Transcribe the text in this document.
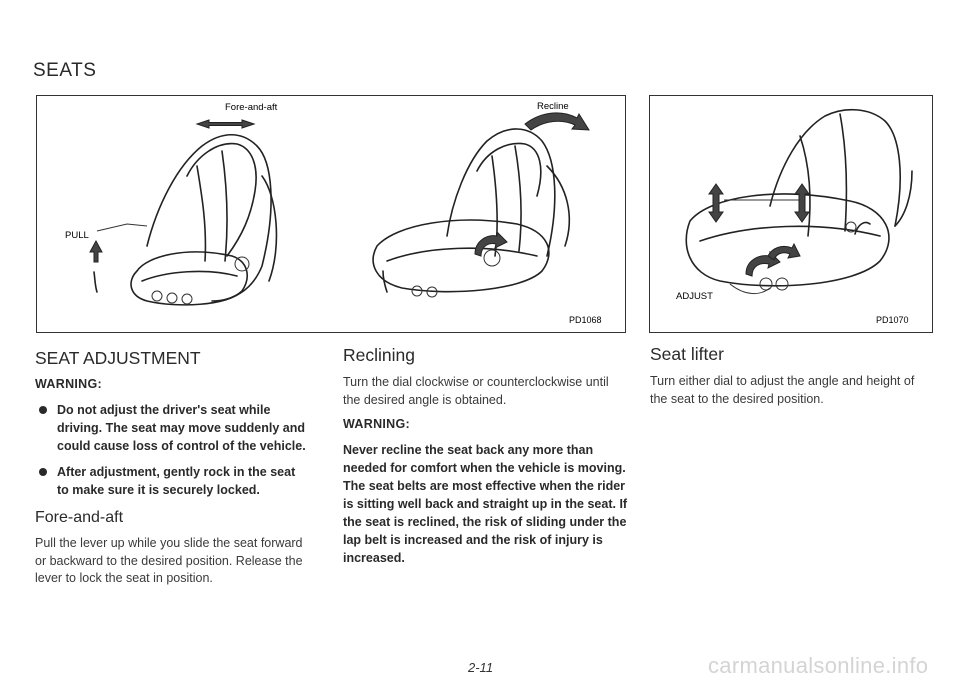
SEATS
Fore-and-aft	Recline
PULL
PD1068
ADJUST
PD1070
SEAT ADJUSTMENT
WARNING:
Do not adjust the driver's seat while driving. The seat may move suddenly and could cause loss of control of the vehicle.
After adjustment, gently rock in the seat to make sure it is securely locked.
Fore-and-aft

Pull the lever up while you slide the seat forward or backward to the desired position. Release the lever to lock the seat in position.

Reclining

Turn the dial clockwise or counterclockwise until the desired angle is obtained.

WARNING:

Never recline the seat back any more than needed for comfort when the vehicle is moving. The seat belts are most effective when the rider is sitting well back and straight up in the seat. If the seat is reclined, the risk of sliding under the lap belt is increased and the risk of injury is increased.

Seat lifter

Turn either dial to adjust the angle and height of the seat to the desired position.

2-11	carmanualsonline.info
